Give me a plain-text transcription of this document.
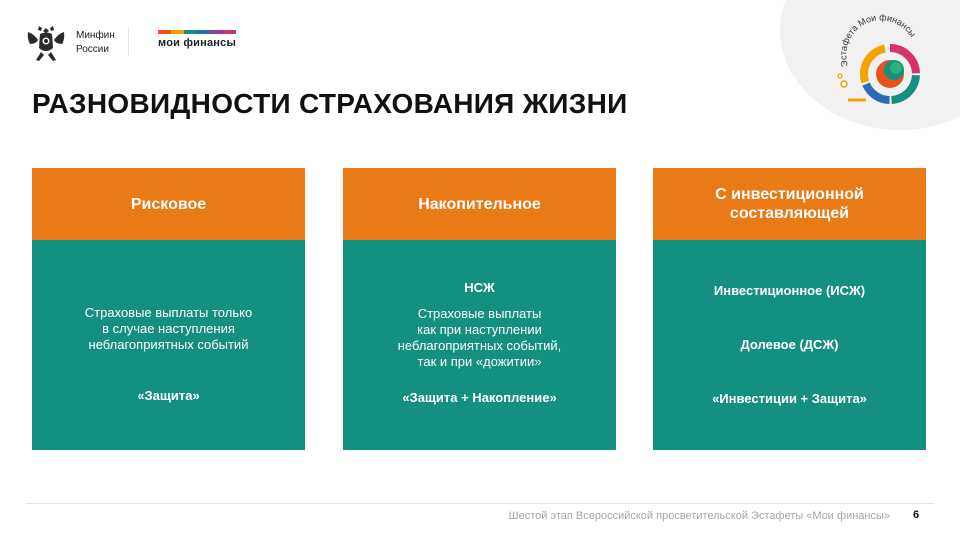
Минфин
России
мои финансы
Эстафета Мои финансы
РАЗНОВИДНОСТИ СТРАХОВАНИЯ ЖИЗНИ
Рисковое
Страховые выплаты только
в случае наступления
неблагоприятных событий
«Защита»
Накопительное
НСЖ
Страховые выплаты
как при наступлении
неблагоприятных событий,
так и при «дожитии»
«Защита + Накопление»
С инвестиционной
составляющей
Инвестиционное (ИСЖ)
Долевое (ДСЖ)
«Инвестиции + Защита»
Шестой этап Всероссийской просветительской Эстафеты «Мои финансы» 6
